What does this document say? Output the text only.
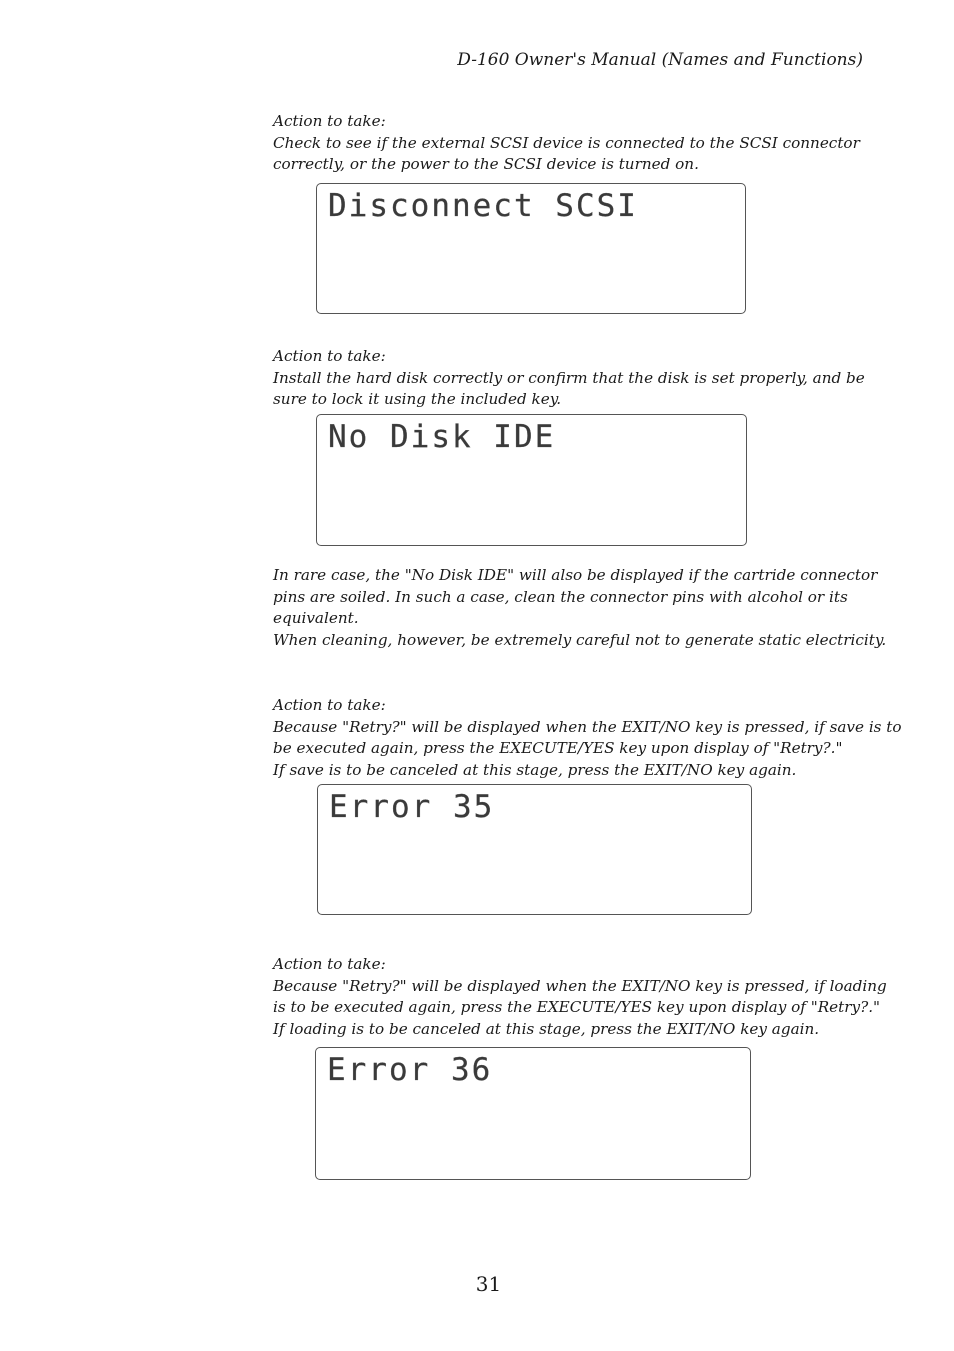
D-160 Owner's Manual (Names and Functions)
Action to take:
Check to see if the external SCSI device is connected to the SCSI connector
correctly, or the power to the SCSI device is turned on.
Disconnect SCSI
Action to take:
Install the hard disk correctly or confirm that the disk is set properly, and be
sure to lock it using the included key.
No Disk IDE
In rare case, the "No Disk IDE" will also be displayed if the cartride connector
pins are soiled. In such a case, clean the connector pins with alcohol or its
equivalent.
When cleaning, however, be extremely careful not to generate static electricity.
Action to take:
Because "Retry?" will be displayed when the EXIT/NO key is pressed, if save is to
be executed again, press the EXECUTE/YES key upon display of "Retry?."
If save is to be canceled at this stage, press the EXIT/NO key again.
Error 35
Action to take:
Because "Retry?" will be displayed when the EXIT/NO key is pressed, if loading
is to be executed again, press the EXECUTE/YES key upon display of "Retry?."
If loading is to be canceled at this stage, press the EXIT/NO key again.
Error 36
31
